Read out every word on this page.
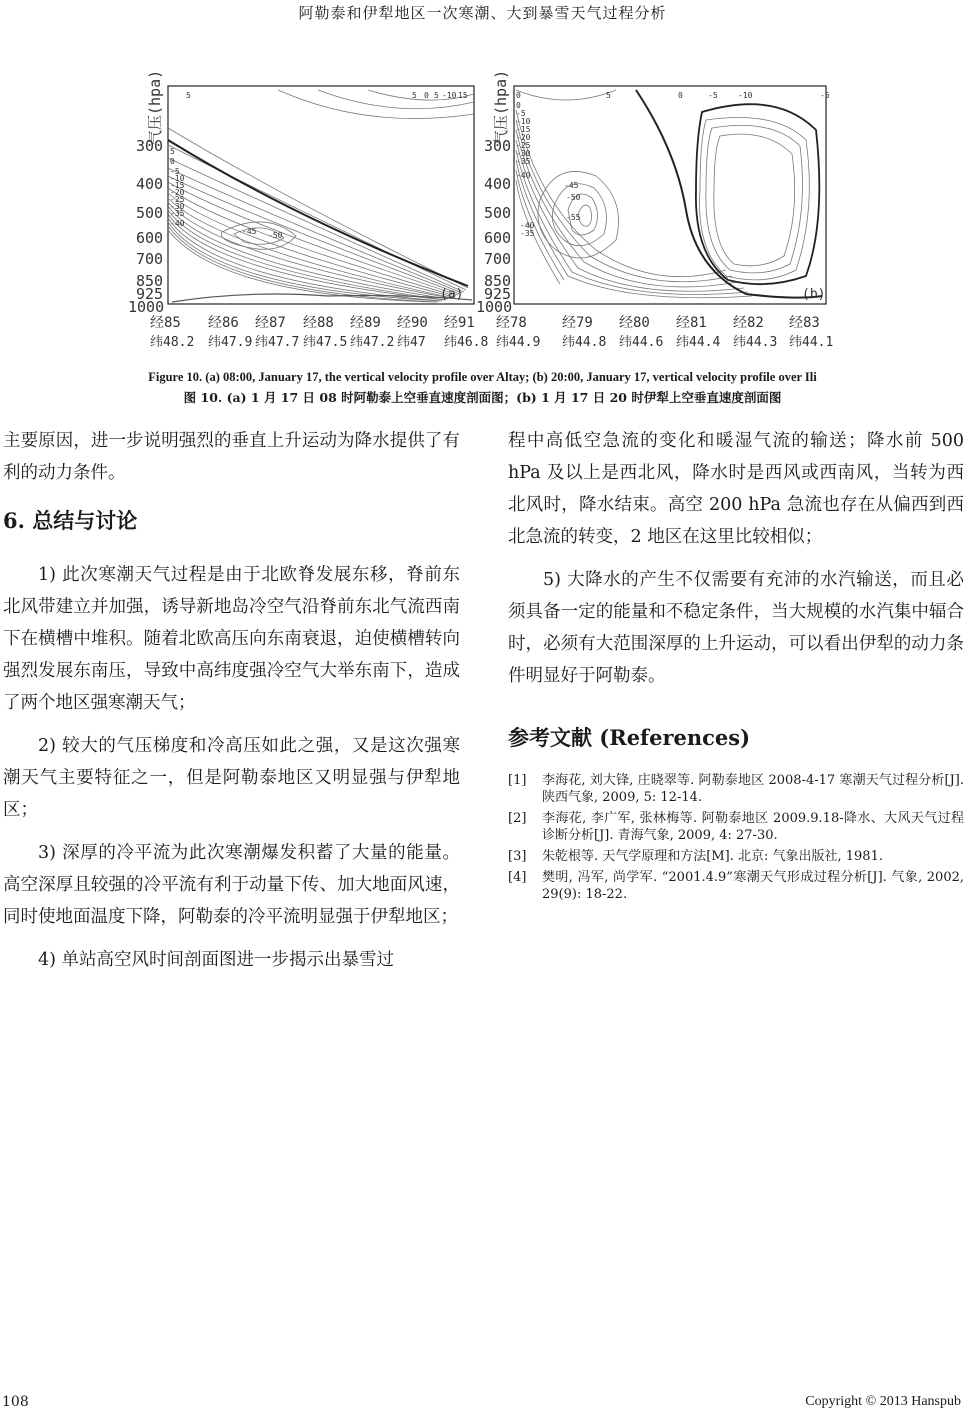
阿勒泰和伊犁地区一次寒潮、大到暴雪天气过程分析
气压(hpa)
300
400
500
600
700
850
925
1000
5	5 0 5 -10 15
5
0
-5
-10
-15
-20
-25
-30
-35
-40
-45 -50
(a)
经85 经86 经87 经88 经89 经90 经91
纬48.2 纬47.9 纬47.7 纬47.5 纬47.2 纬47 纬46.8
气压(hpa)
300
400
500
600
700
850
925
1000
0	5	0	-5	-10	-5
0
-5
-10
-15
-20
-25
-30
-35
-40
-45
-50
-55
-40
-35
(b)
经78	经79 经80 经81 经82 经83
纬44.9 纬44.8 纬44.6 纬44.4 纬44.3 纬44.1
Figure 10. (a) 08:00, January 17, the vertical velocity profile over Altay; (b) 20:00, January 17, vertical velocity profile over Ili
图 10. (a) 1 月 17 日 08 时阿勒泰上空垂直速度剖面图；(b) 1 月 17 日 20 时伊犁上空垂直速度剖面图

主要原因，进一步说明强烈的垂直上升运动为降水提供了有利的动力条件。

6. 总结与讨论

1) 此次寒潮天气过程是由于北欧脊发展东移，脊前东北风带建立并加强，诱导新地岛冷空气沿脊前东北气流西南下在横槽中堆积。随着北欧高压向东南衰退，迫使横槽转向强烈发展东南压，导致中高纬度强冷空气大举东南下，造成了两个地区强寒潮天气；

2) 较大的气压梯度和冷高压如此之强，又是这次强寒潮天气主要特征之一，但是阿勒泰地区又明显强与伊犁地区；

3) 深厚的冷平流为此次寒潮爆发积蓄了大量的能量。高空深厚且较强的冷平流有利于动量下传、加大地面风速，同时使地面温度下降，阿勒泰的冷平流明显强于伊犁地区；

4) 单站高空风时间剖面图进一步揭示出暴雪过

程中高低空急流的变化和暖湿气流的输送；降水前 500 hPa 及以上是西北风，降水时是西风或西南风，当转为西北风时，降水结束。高空 200 hPa 急流也存在从偏西到西北急流的转变，2 地区在这里比较相似；

5) 大降水的产生不仅需要有充沛的水汽输送，而且必须具备一定的能量和不稳定条件，当大规模的水汽集中辐合时，必须有大范围深厚的上升运动，可以看出伊犁的动力条件明显好于阿勒泰。

参考文献 (References)
[1]	李海花, 刘大锋, 庄晓翠等. 阿勒泰地区 2008-4-17 寒潮天气过程分析[J]. 陕西气象, 2009, 5: 12-14.
[2]	李海花, 李广军, 张林梅等. 阿勒泰地区 2009.9.18-降水、大风天气过程诊断分析[J]. 青海气象, 2009, 4: 27-30.
[3]	朱乾根等. 天气学原理和方法[M]. 北京: 气象出版社, 1981.
[4]	樊明, 冯军, 尚学军. “2001.4.9”寒潮天气形成过程分析[J]. 气象, 2002, 29(9): 18-22.
108	Copyright © 2013 Hanspub
